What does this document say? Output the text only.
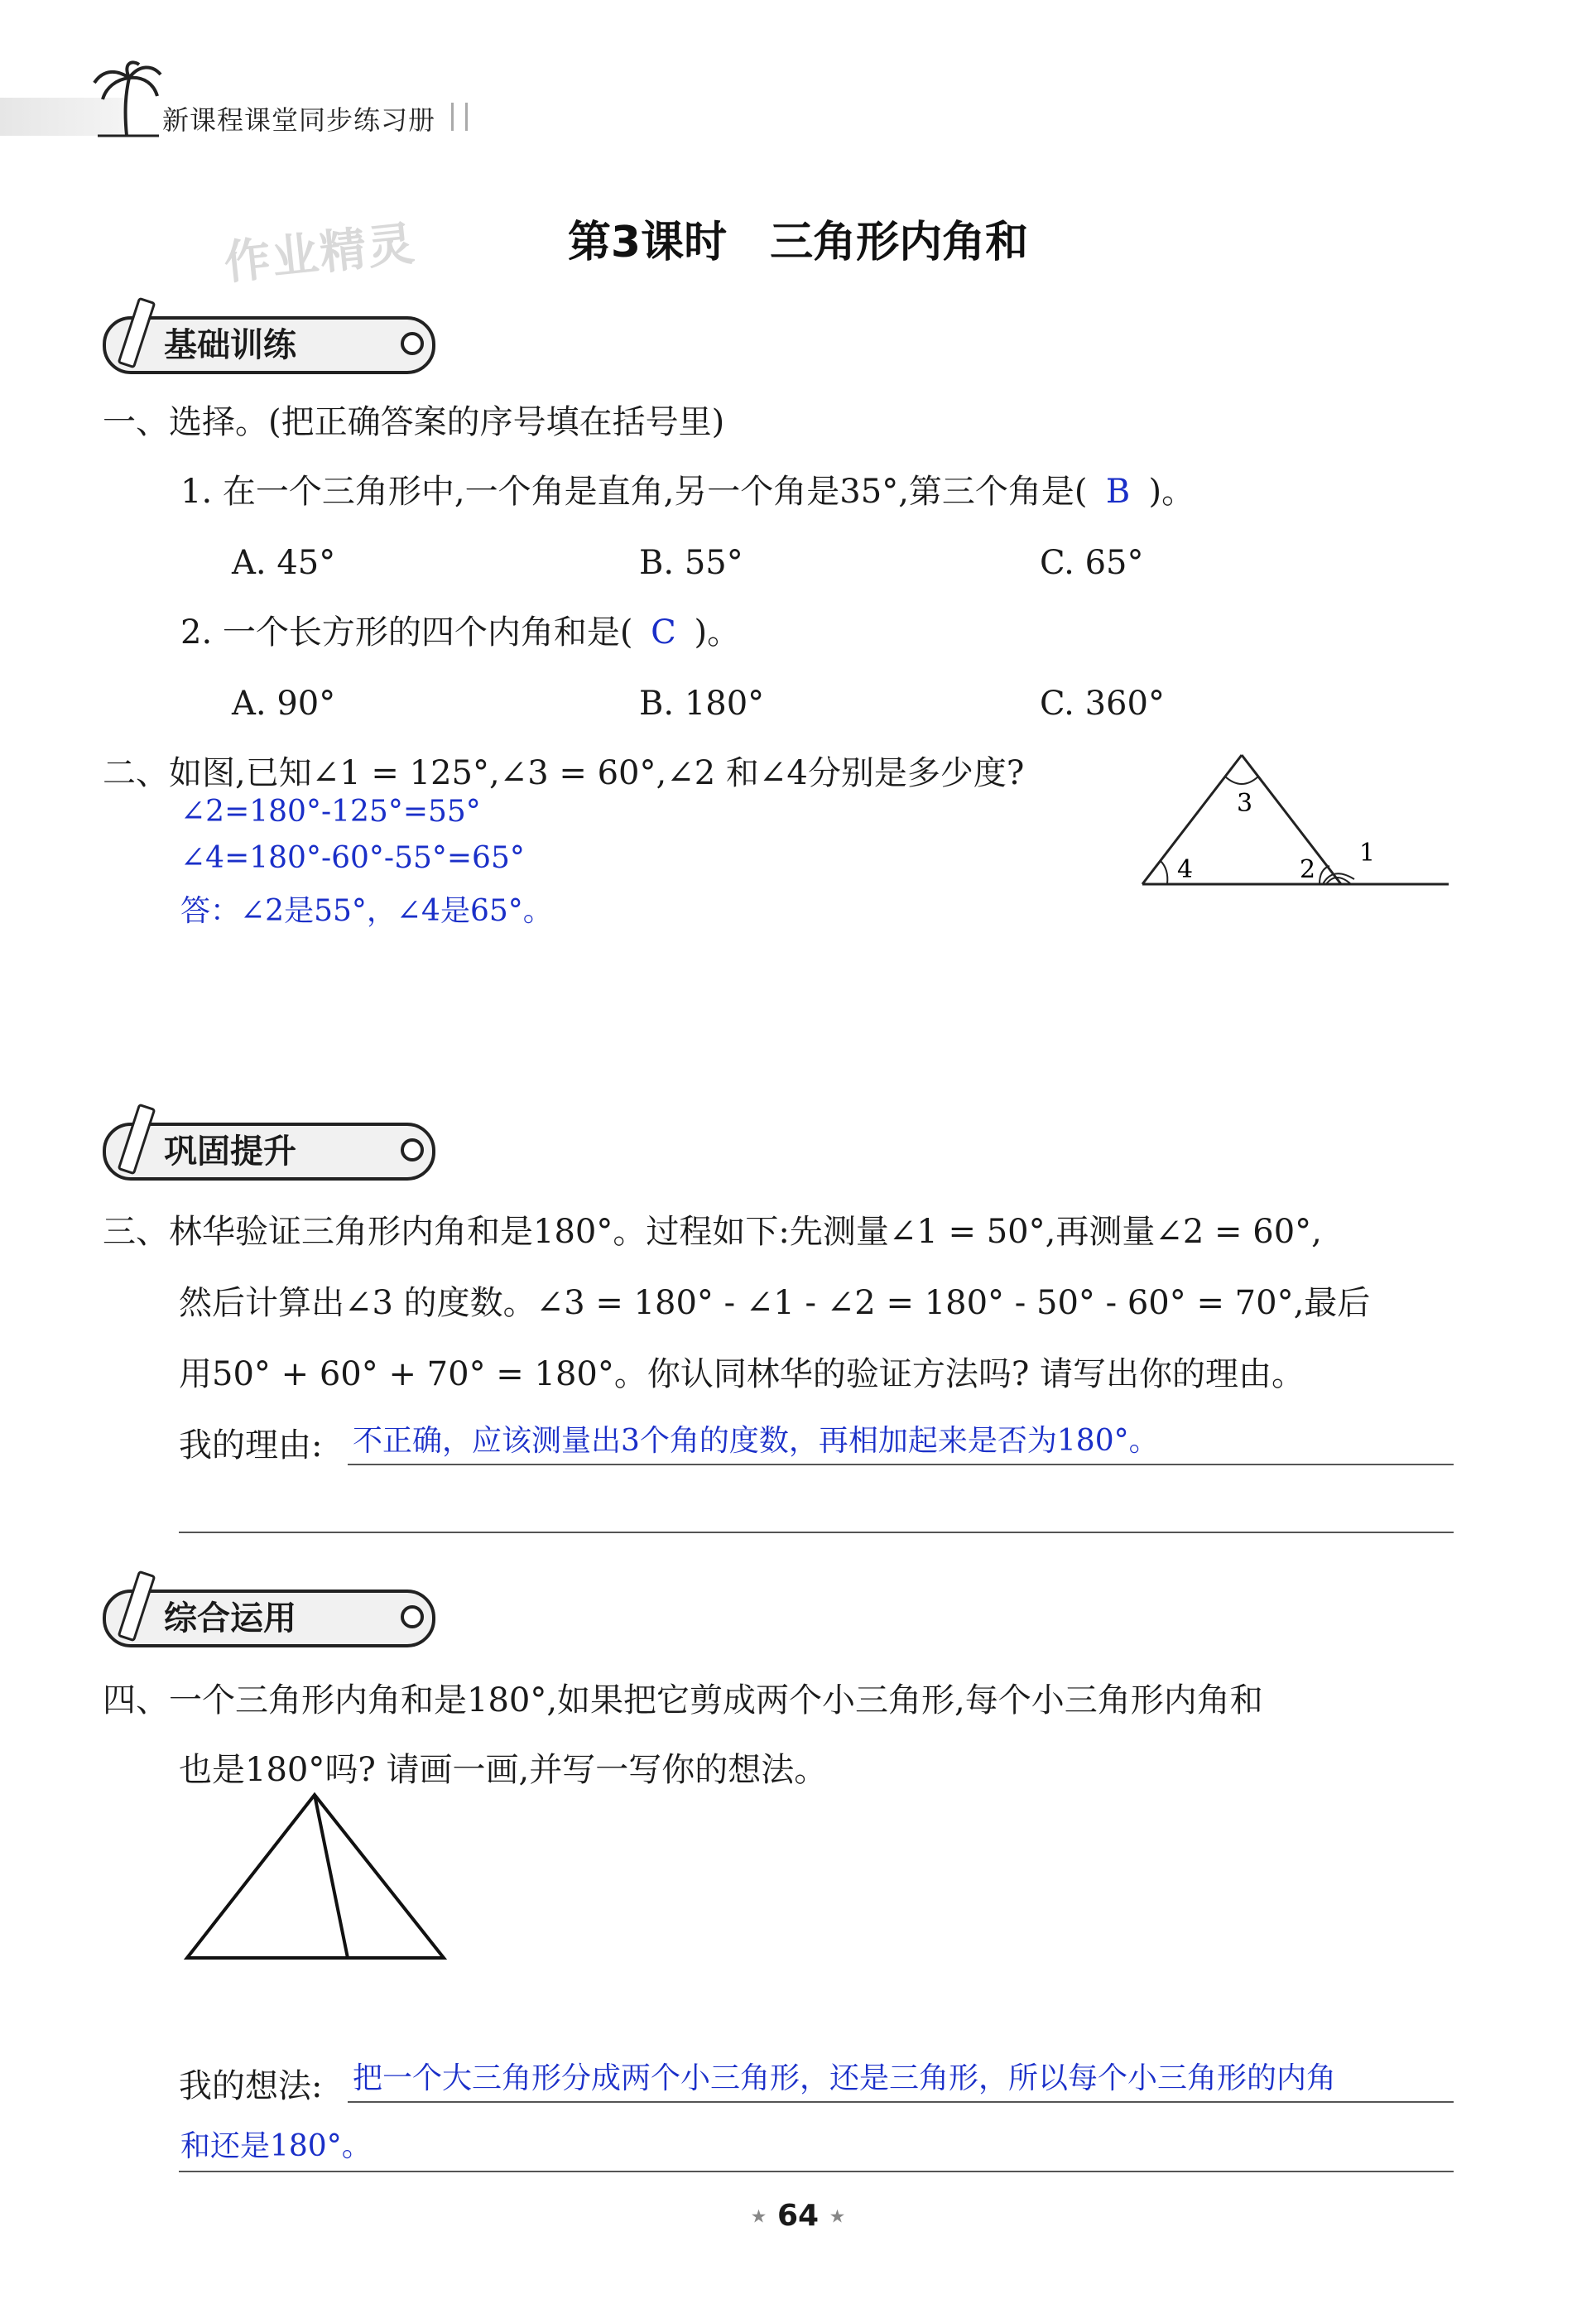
新课程课堂同步练习册
作业精灵	第3课时　三角形内角和
基础训练
一、选择。(把正确答案的序号填在括号里)
1. 在一个三角形中,一个角是直角,另一个角是35°,第三个角是( B )。
A. 45°	B. 55°	C. 65°
2. 一个长方形的四个内角和是( C )。
A. 90°	B. 180°	C. 360°
二、如图,已知∠1 = 125°,∠3 = 60°,∠2 和∠4分别是多少度?
∠2=180°-125°=55°
∠4=180°-60°-55°=65°
答：∠2是55°，∠4是65°。
3
4	2
1
巩固提升
三、林华验证三角形内角和是180°。过程如下:先测量∠1 = 50°,再测量∠2 = 60°,
然后计算出∠3 的度数。∠3 = 180° - ∠1 - ∠2 = 180° - 50° - 60° = 70°,最后
用50° + 60° + 70° = 180°。你认同林华的验证方法吗? 请写出你的理由。
我的理由: 不正确，应该测量出3个角的度数，再相加起来是否为180°。
综合运用
四、一个三角形内角和是180°,如果把它剪成两个小三角形,每个小三角形内角和
也是180°吗? 请画一画,并写一写你的想法。
我的想法: 把一个大三角形分成两个小三角形，还是三角形，所以每个小三角形的内角
和还是180°。
★ 64 ★
